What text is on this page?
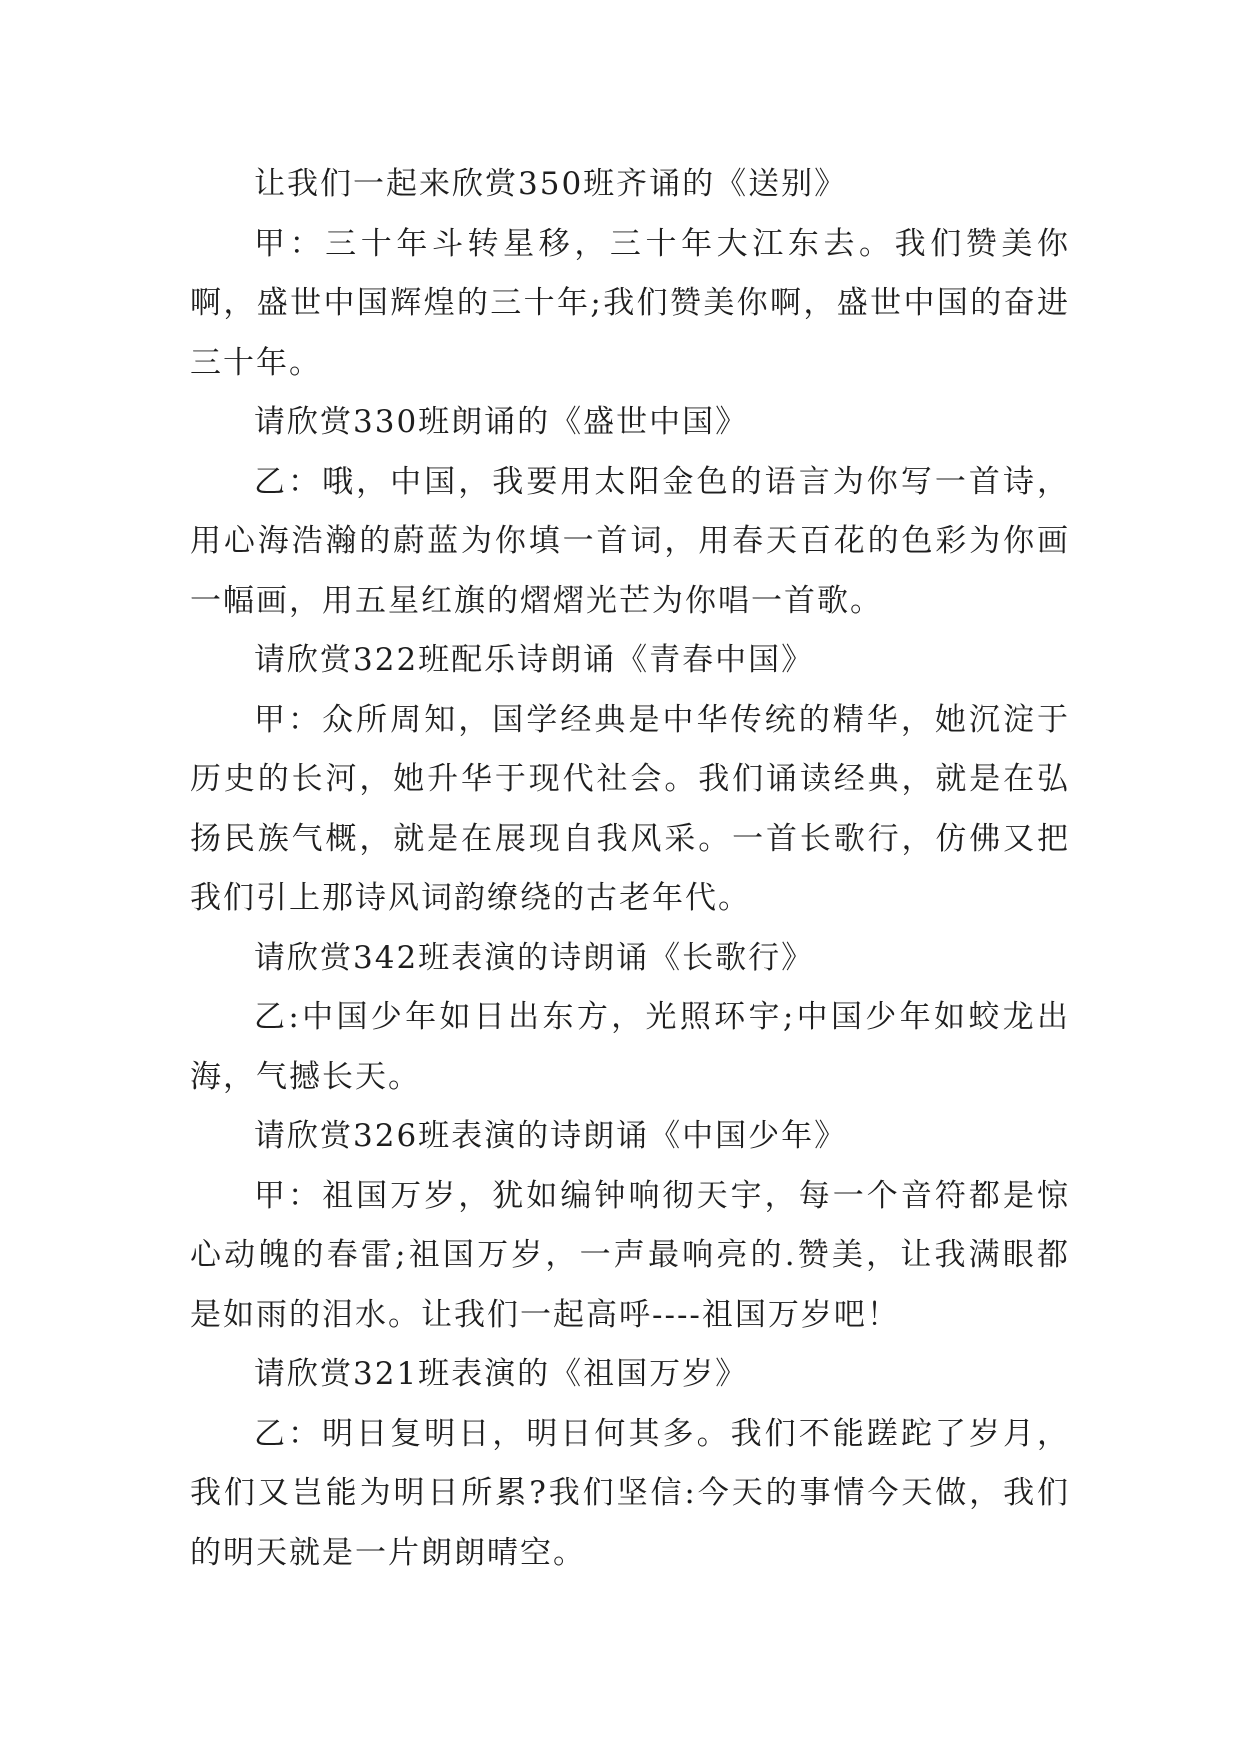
让我们一起来欣赏350班齐诵的《送别》

甲：三十年斗转星移，三十年大江东去。我们赞美你啊，盛世中国辉煌的三十年;我们赞美你啊，盛世中国的奋进三十年。

请欣赏330班朗诵的《盛世中国》

乙：哦，中国，我要用太阳金色的语言为你写一首诗，用心海浩瀚的蔚蓝为你填一首词，用春天百花的色彩为你画一幅画，用五星红旗的熠熠光芒为你唱一首歌。

请欣赏322班配乐诗朗诵《青春中国》

甲：众所周知，国学经典是中华传统的精华，她沉淀于历史的长河，她升华于现代社会。我们诵读经典，就是在弘扬民族气概，就是在展现自我风采。一首长歌行，仿佛又把我们引上那诗风词韵缭绕的古老年代。

请欣赏342班表演的诗朗诵《长歌行》

乙:中国少年如日出东方，光照环宇;中国少年如蛟龙出海，气撼长天。

请欣赏326班表演的诗朗诵《中国少年》

甲：祖国万岁，犹如编钟响彻天宇，每一个音符都是惊心动魄的春雷;祖国万岁，一声最响亮的.赞美，让我满眼都是如雨的泪水。让我们一起高呼----祖国万岁吧！

请欣赏321班表演的《祖国万岁》

乙：明日复明日，明日何其多。我们不能蹉跎了岁月，我们又岂能为明日所累?我们坚信:今天的事情今天做，我们的明天就是一片朗朗晴空。
